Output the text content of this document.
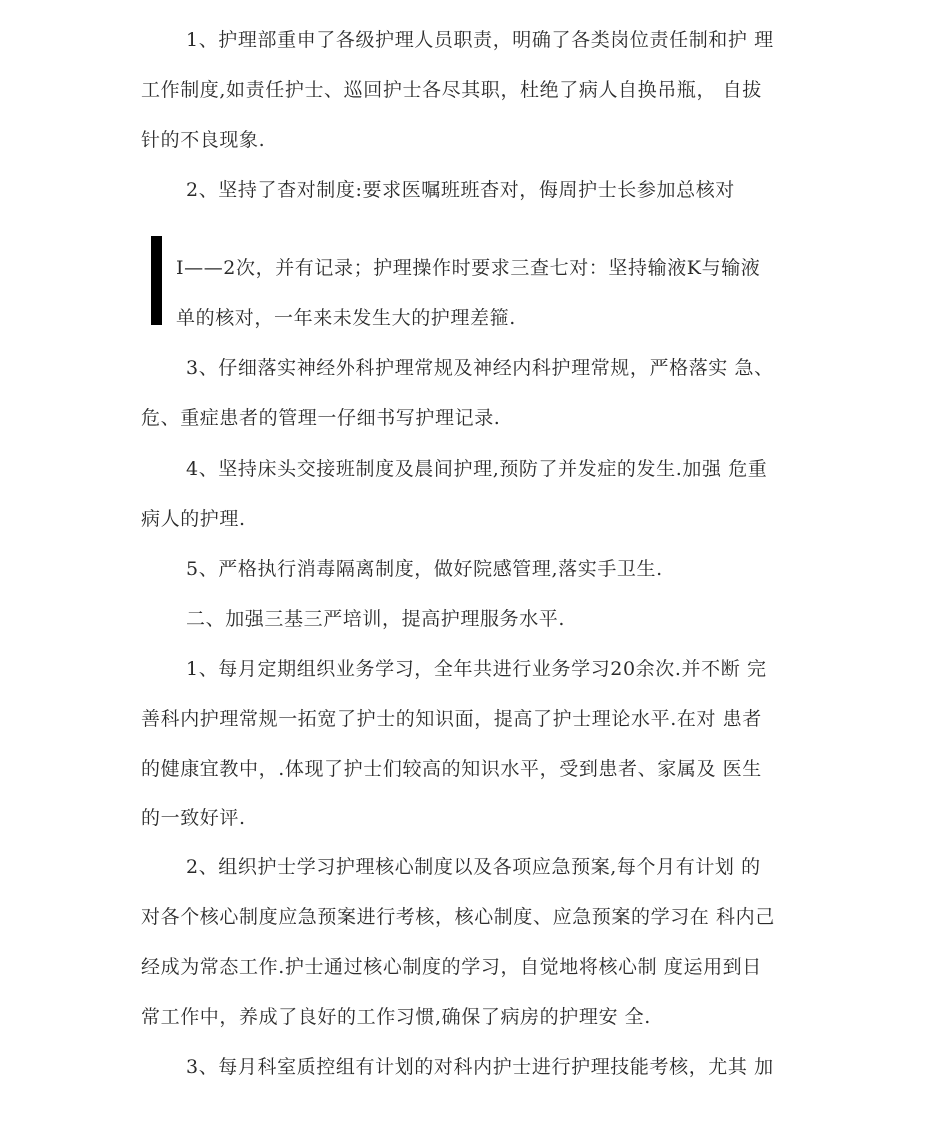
1、护理部重申了各级护理人员职责，明确了各类岗位责任制和护 理
工作制度,如责任护士、巡回护士各尽其职，杜绝了病人自换吊瓶， 自拔
针的不良现象.
2、坚持了杳对制度:要求医嘱班班杳对，侮周护士长参加总核对
I——2次，并有记录；护理操作时要求三查七对：坚持输液K与输液
单的核对，一年来未发生大的护理差箍.
3、仔细落实神经外科护理常规及神经内科护理常规，严格落实 急、
危、重症患者的管理一仔细书写护理记录.
4、坚持床头交接班制度及晨间护理,预防了并发症的发生.加强 危重
病人的护理.
5、严格执行消毒隔离制度，做好院感管理,落实手卫生.
二、加强三基三严培训，提高护理服务水平.
1、每月定期组织业务学习，全年共进行业务学习20余次.并不断 完
善科内护理常规一拓宽了护士的知识面，提高了护士理论水平.在对 患者
的健康宜教中，.体现了护士们较高的知识水平，受到患者、家属及 医生
的一致好评.
2、组织护士学习护理核心制度以及各项应急预案,每个月有计划 的
对各个核心制度应急预案进行考核，核心制度、应急预案的学习在 科内己
经成为常态工作.护士通过核心制度的学习，自觉地将核心制 度运用到日
常工作中，养成了良好的工作习惯,确保了病房的护理安 全.
3、每月科室质控组有计划的对科内护士进行护理技能考核，尤其 加
